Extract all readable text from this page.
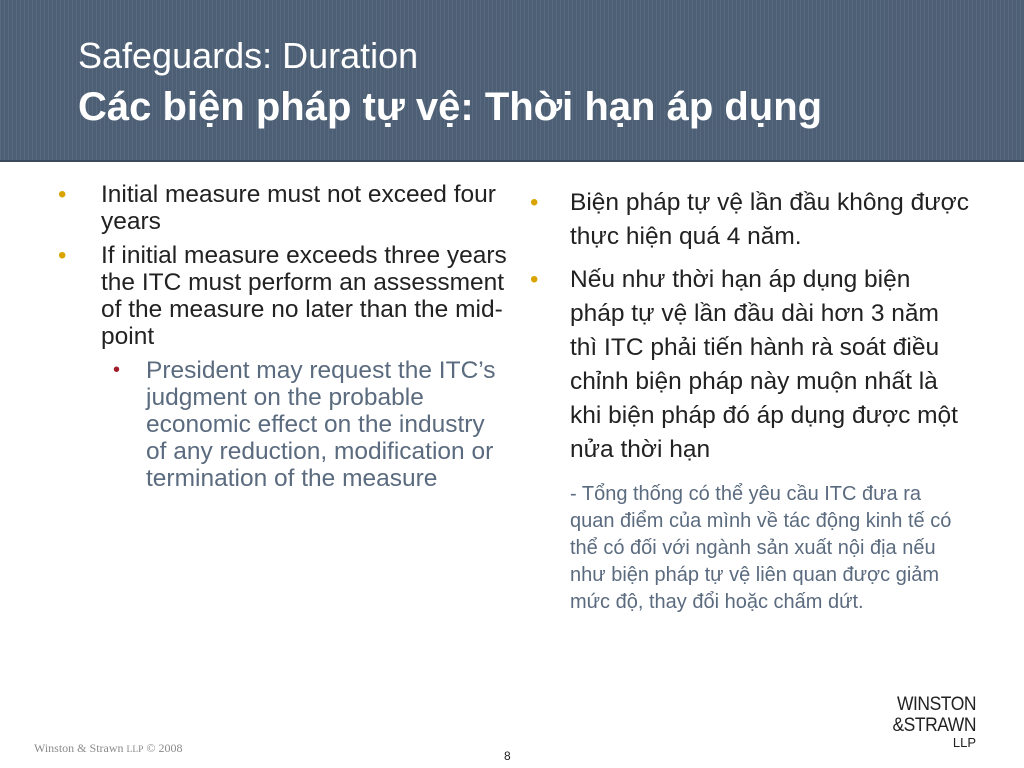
Safeguards: Duration
Các biện pháp tự vệ: Thời hạn áp dụng
• Initial measure must not exceed four years
• If initial measure exceeds three years the ITC must perform an assessment of the measure no later than the mid-point
• President may request the ITC’s judgment on the probable economic effect on the industry of any reduction, modification or termination of the measure
• Biện pháp tự vệ lần đầu không được thực hiện quá 4 năm.
• Nếu như thời hạn áp dụng biện pháp tự vệ lần đầu dài hơn 3 năm thì ITC phải tiến hành rà soát điều chỉnh biện pháp này muộn nhất là khi biện pháp đó áp dụng được một nửa thời hạn
- Tổng thống có thể yêu cầu ITC đưa ra quan điểm của mình về tác động kinh tế có thể có đối với ngành sản xuất nội địa nếu như biện pháp tự vệ liên quan được giảm mức độ, thay đổi hoặc chấm dứt.
WINSTON
&STRAWN
LLP
Winston & Strawn LLP © 2008
8
